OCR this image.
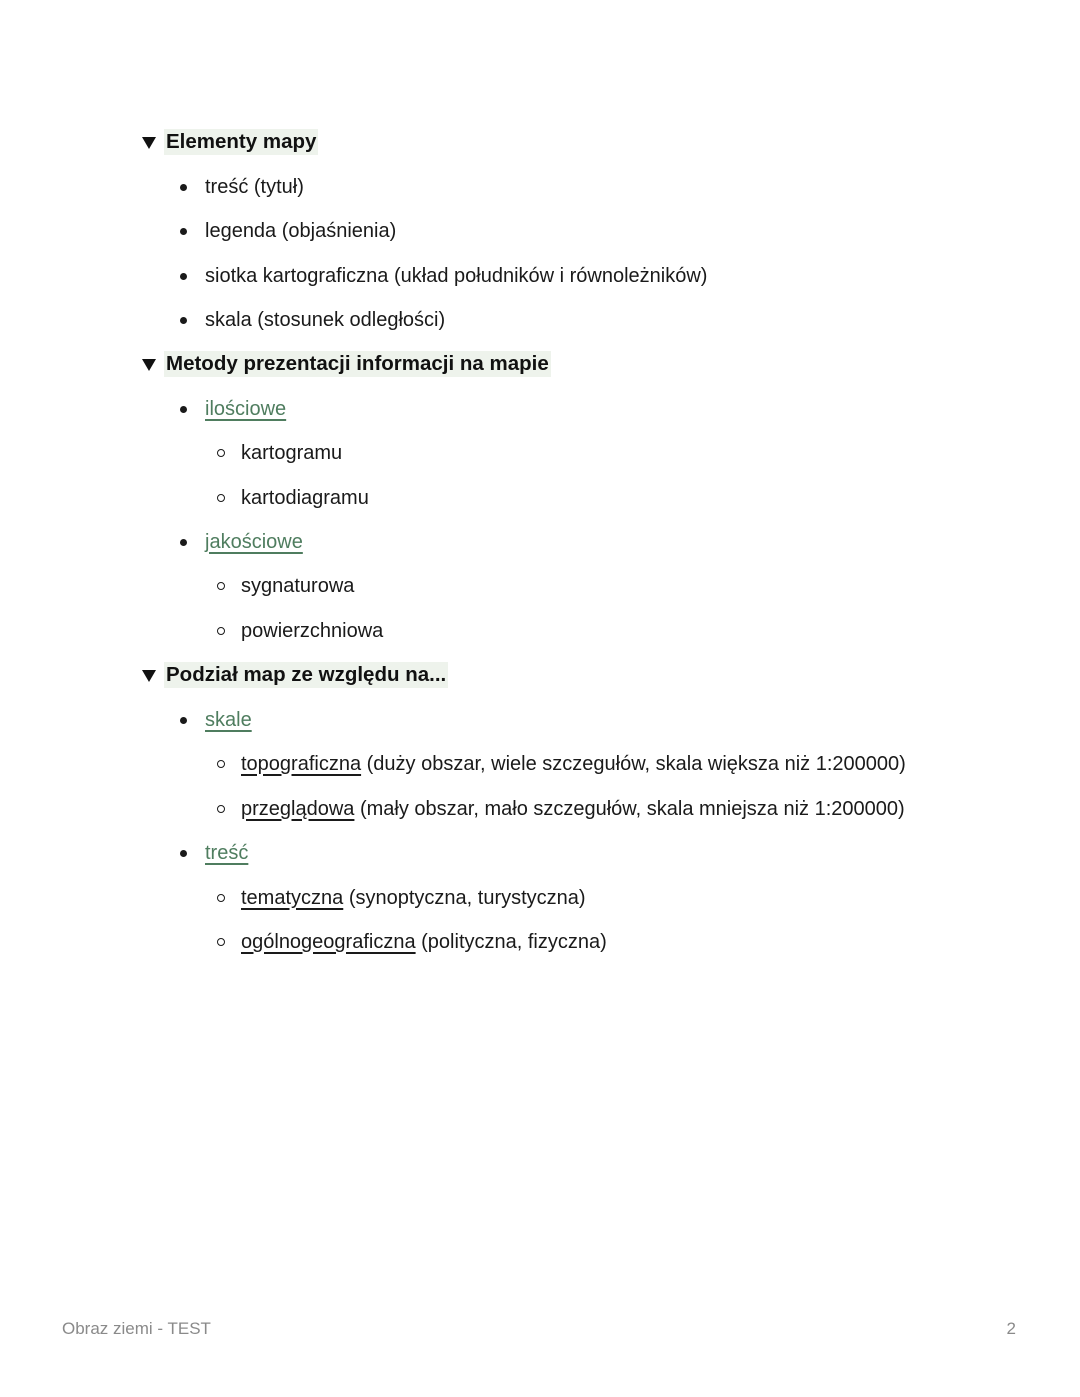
Elementy mapy
treść (tytuł)
legenda (objaśnienia)
siotka kartograficzna (układ południków i równoleżników)
skala (stosunek odległości)
Metody prezentacji informacji na mapie
ilościowe
kartogramu
kartodiagramu
jakościowe
sygnaturowa
powierzchniowa
Podział map ze względu na...
skale
topograficzna (duży obszar, wiele szczegułów, skala większa niż 1:200000)
przeglądowa (mały obszar, mało szczegułów, skala mniejsza niż 1:200000)
treść
tematyczna (synoptyczna, turystyczna)
ogólnogeograficzna (polityczna, fizyczna)
Obraz ziemi - TEST	2
